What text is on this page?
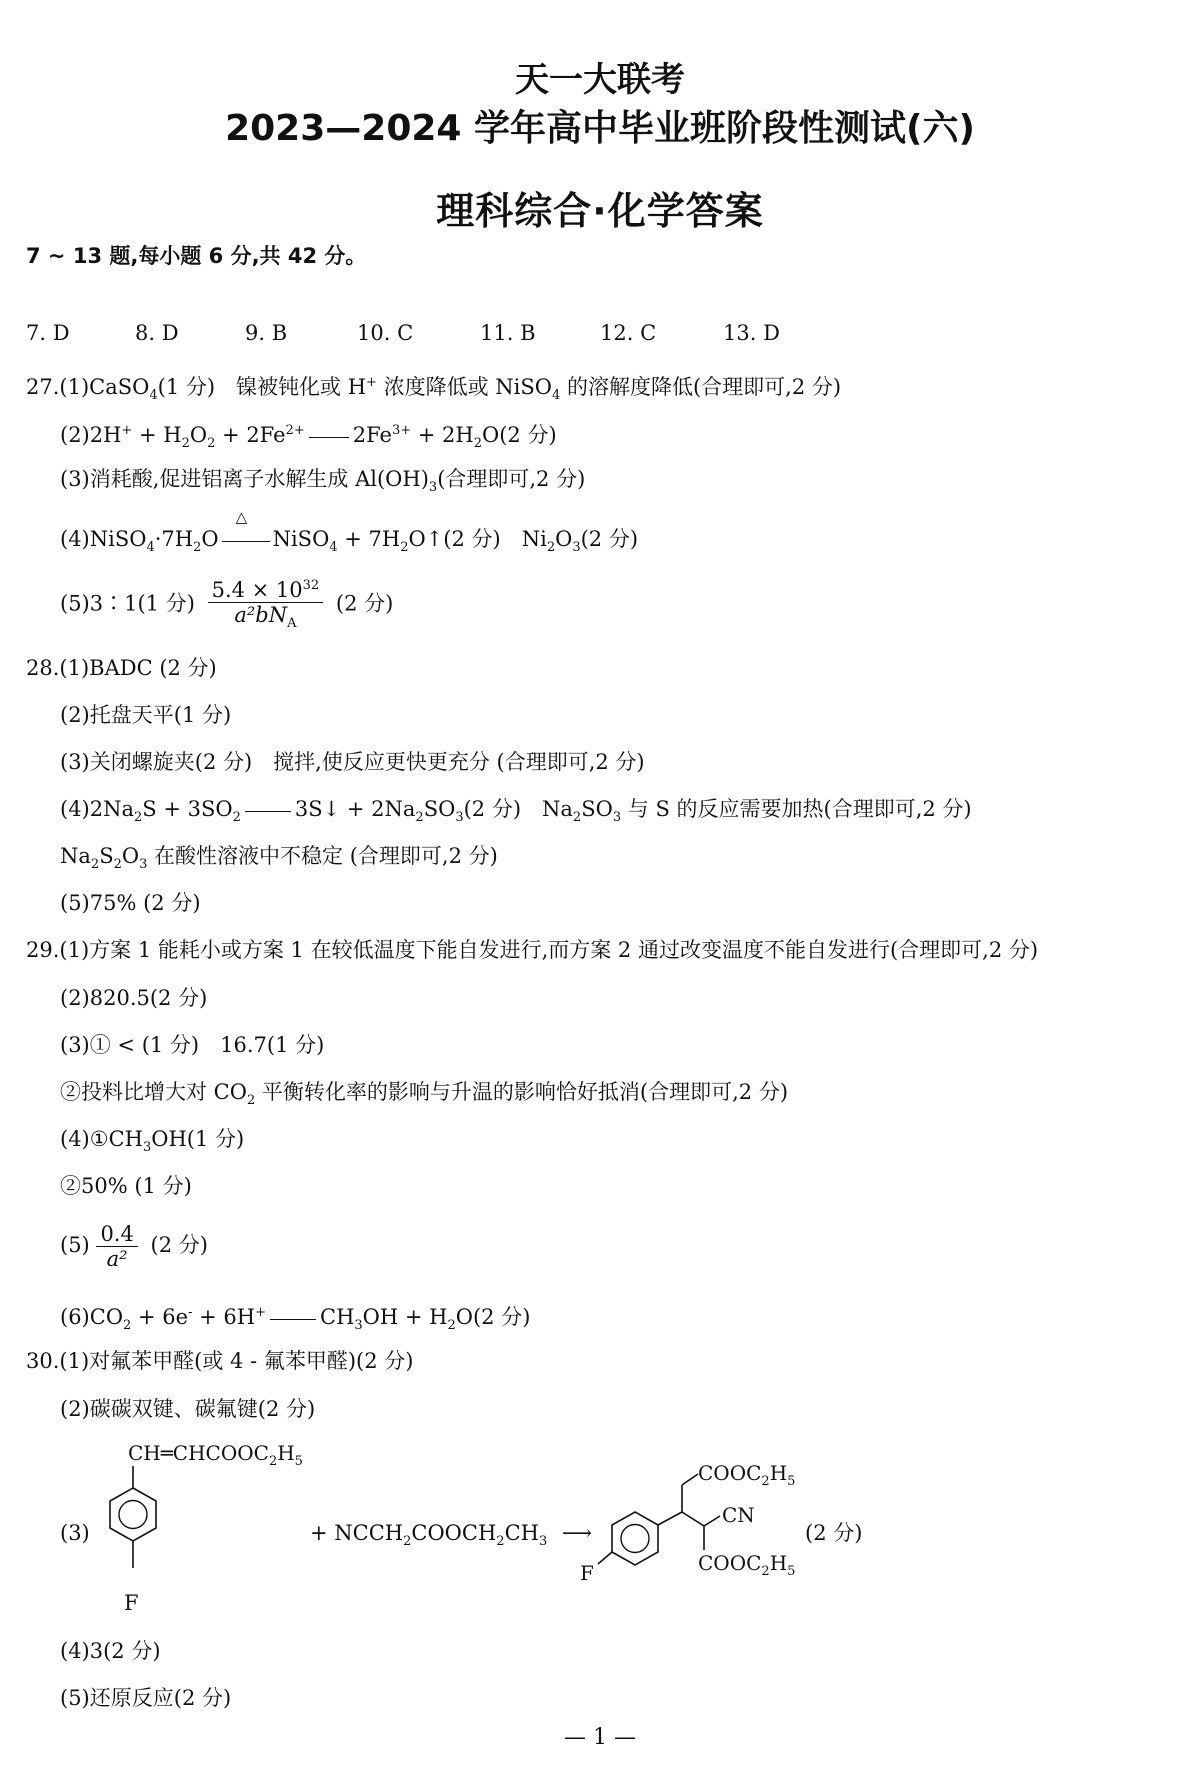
天一大联考
2023—2024 学年高中毕业班阶段性测试(六)
理科综合·化学答案
7 ~ 13 题,每小题 6 分,共 42 分。
7. D	8. D	9. B	10. C	11. B	12. C	13. D
27.(1)CaSO$_4$(1 分)　镍被钝化或 H+ 浓度降低或 NiSO$_4$ 的溶解度降低(合理即可,2 分)
$(2)2H^+ + H_2O_2 + 2Fe^{2+}$ $2Fe^{3+} + 2H_2O(2$ 分)
(3)消耗酸,促进铝离子水解生成 $Al(OH)_3$(合理即可,2 分)
$(4)NiSO_4\cdot 7H_2O$
△
NiSO$_4$ + $7H_2O↑(2$ 分)　$Ni_2O_3(2$ 分)
(5)3∶1(1 分) $\frac{5.4 \times 10^{32}}{a^2bN_A} (2$ 分)
28.(1)BADC (2 分)
(2)托盘天平(1 分)
(3)关闭螺旋夹(2 分)　搅拌,使反应更快更充分 (合理即可,2 分)
$(4)2Na_2S + 3SO_2$	3S↓ + $2Na_2SO_3(2$ 分)　$Na_2SO_3$ 与 S 的反应需要加热(合理即可,2 分)
$Na_2S_2O_3$ 在酸性溶液中不稳定 (合理即可,2 分)
(5)75% (2 分)
29.(1)方案 1 能耗小或方案 1 在较低温度下能自发进行,而方案 2 通过改变温度不能自发进行(合理即可,2 分)
(2)820.5(2 分)
(3)① < (1 分)　16.7(1 分)
②投料比增大对 $CO_2$ 平衡转化率的影响与升温的影响恰好抵消(合理即可,2 分)
$(4)①CH_3OH(1$ 分)
②50% (1 分)
$(5) \frac{0.4}{\text{a²}} (2$ 分)
$(6)CO_2 + 6e^- + 6H^+$	$CH_3OH + H_2O(2$ 分)
30.(1)对氟苯甲醛(或 4 - 氟苯甲醛)(2 分)
(2)碳碳双键、碳氟键(2 分)
(3)
$CH═CHCOOC_2H_5$
F
+ $NCCH_2COOCH_2CH_3$ ⟶
$COOC_2H_5$
CN
$COOC_2H_5$
F
(2 分)
(4)3(2 分)
(5)还原反应(2 分)
— 1 —
